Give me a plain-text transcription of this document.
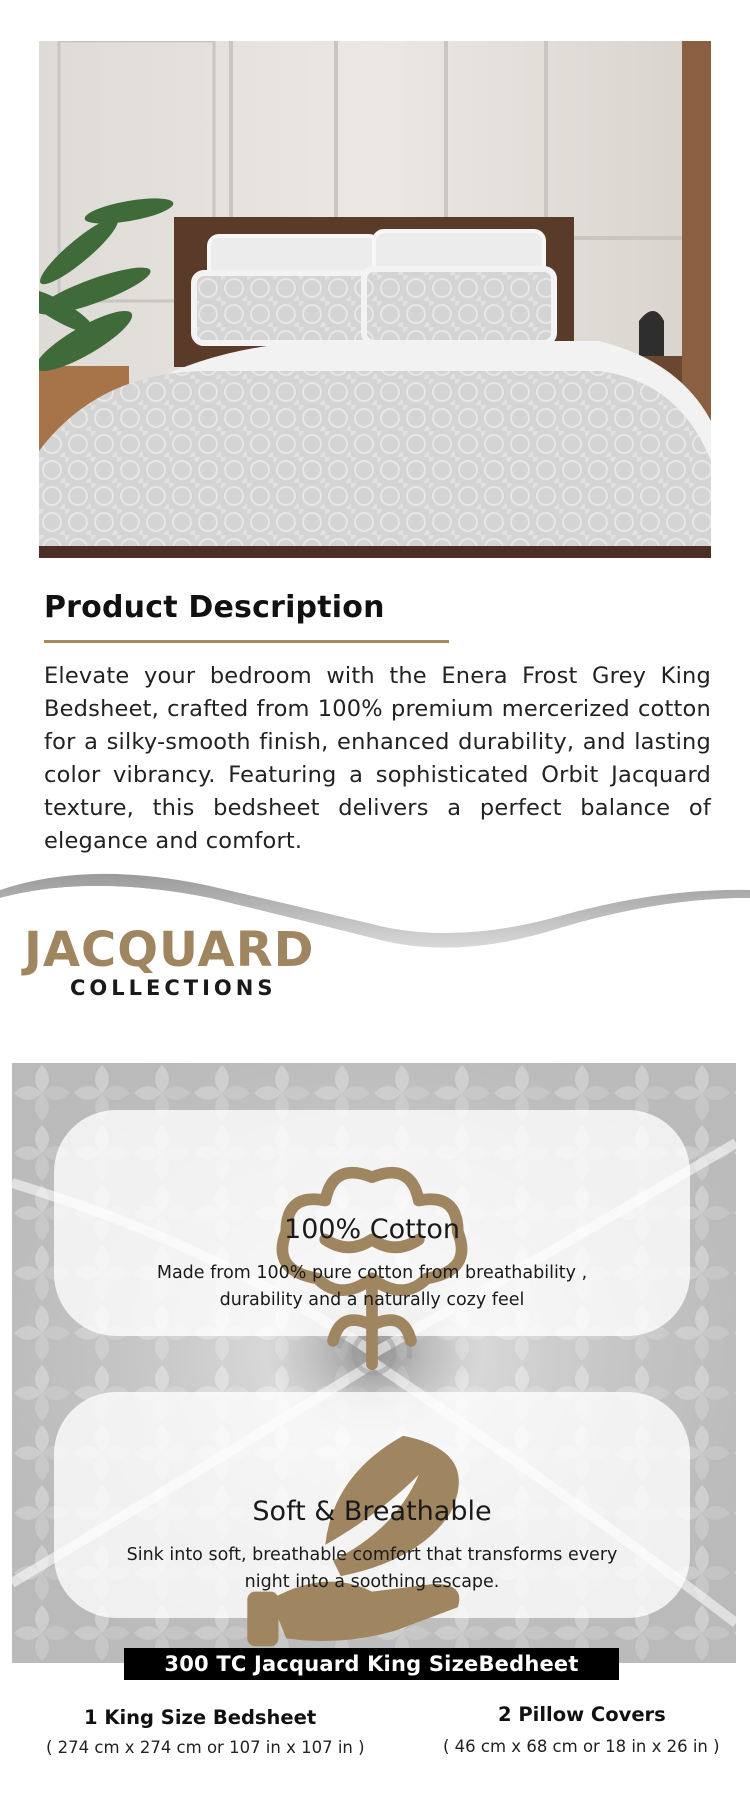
Product Description

Elevate your bedroom with the Enera Frost Grey King Bedsheet, crafted from 100% premium mercerized cotton for a silky-smooth finish, enhanced durability, and lasting color vibrancy. Featuring a sophisticated Orbit Jacquard texture, this bedsheet delivers a perfect balance of elegance and comfort.

JACQUARD
COLLECTIONS
100% Cotton
Made from 100% pure cotton from breathability , durability and a naturally cozy feel
Soft & Breathable
Sink into soft, breathable comfort that transforms every night into a soothing escape.
300 TC Jacquard King SizeBedheet
1 King Size Bedsheet
( 274 cm x 274 cm or 107 in x 107 in )
2 Pillow Covers
( 46 cm x 68 cm or 18 in x 26 in )
